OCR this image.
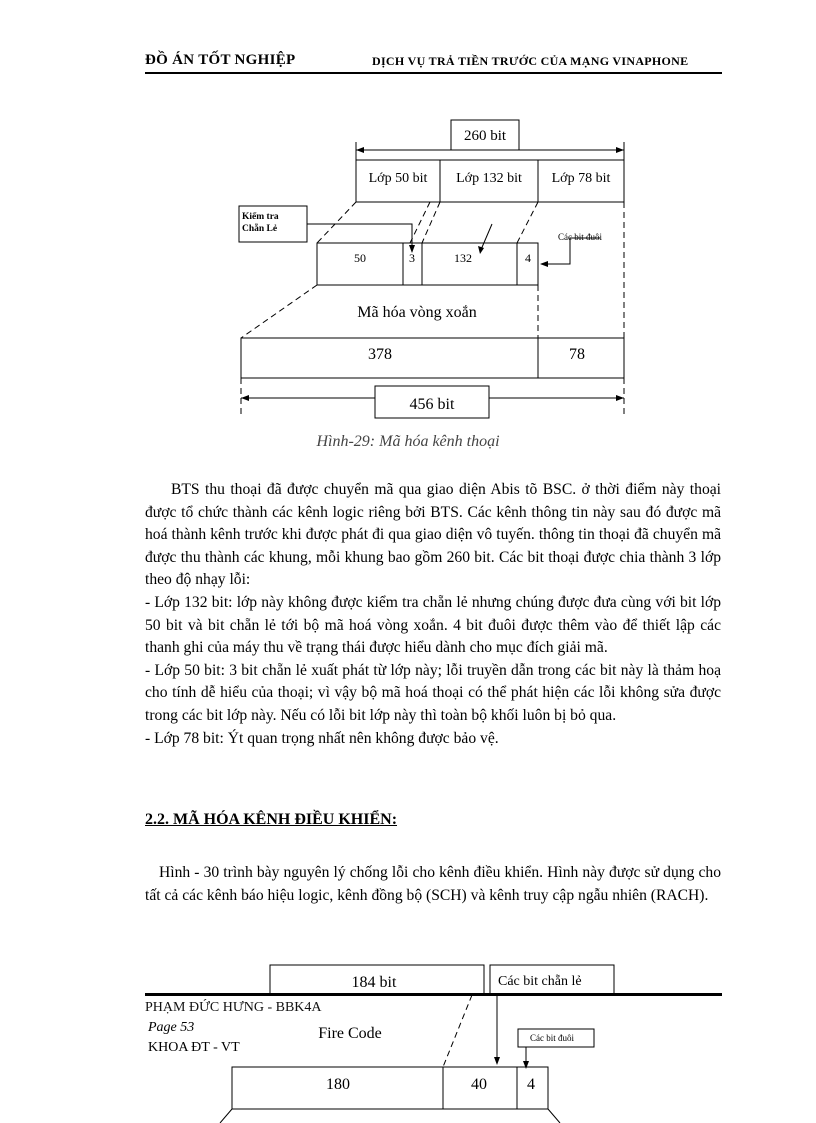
ĐỒ ÁN TỐT NGHIỆP	DỊCH VỤ TRẢ TIỀN TRƯỚC CỦA MẠNG VINAPHONE
260 bit
Lớp 50 bit Lớp 132 bit Lớp 78 bit
Kiểm tra
Chẵn Lẻ
Các bit đuôi
50	3	132	4
Mã hóa vòng xoắn
378	78
456 bit
Hình-29: Mã hóa kênh thoại

BTS thu thoại đã được chuyển mã qua giao diện Abis tõ BSC. ở thời điểm này thoại được tổ chức thành các kênh logic riêng bởi BTS. Các kênh thông tin này sau đó được mã hoá thành kênh trước khi được phát đi qua giao diện vô tuyến. thông tin thoại đã chuyển mã được thu thành các khung, mỗi khung bao gồm 260 bit. Các bit thoại được chia thành 3 lớp theo độ nhạy lỗi:

- Lớp 132 bit: lớp này không được kiểm tra chẵn lẻ nhưng chúng được đưa cùng với bit lớp 50 bit và bit chẵn lẻ tới bộ mã hoá vòng xoắn. 4 bit đuôi được thêm vào để thiết lập các thanh ghi của máy thu về trạng thái được hiểu dành cho mục đích giải mã.

- Lớp 50 bit: 3 bit chẵn lẻ xuất phát từ lớp này; lỗi truyền dẫn trong các bit này là thảm hoạ cho tính dễ hiểu của thoại; vì vậy bộ mã hoá thoại có thể phát hiện các lỗi không sửa được trong các bit lớp này. Nếu có lỗi bit lớp này thì toàn bộ khối luôn bị bỏ qua.

- Lớp 78 bit: Ýt quan trọng nhất nên không được bảo vệ.

2.2. MÃ HÓA KÊNH ĐIỀU KHIỂN:

Hình - 30 trình bày nguyên lý chống lỗi cho kênh điều khiển. Hình này được sử dụng cho tất cả các kênh báo hiệu logic, kênh đồng bộ (SCH) và kênh truy cập ngẫu nhiên (RACH).

184 bit	Các bit chẵn lẻ
Fire Code	Các bit đuôi
180	40	4
PHẠM ĐỨC HƯNG - BBK4A
Page 53
KHOA ĐT - VT
